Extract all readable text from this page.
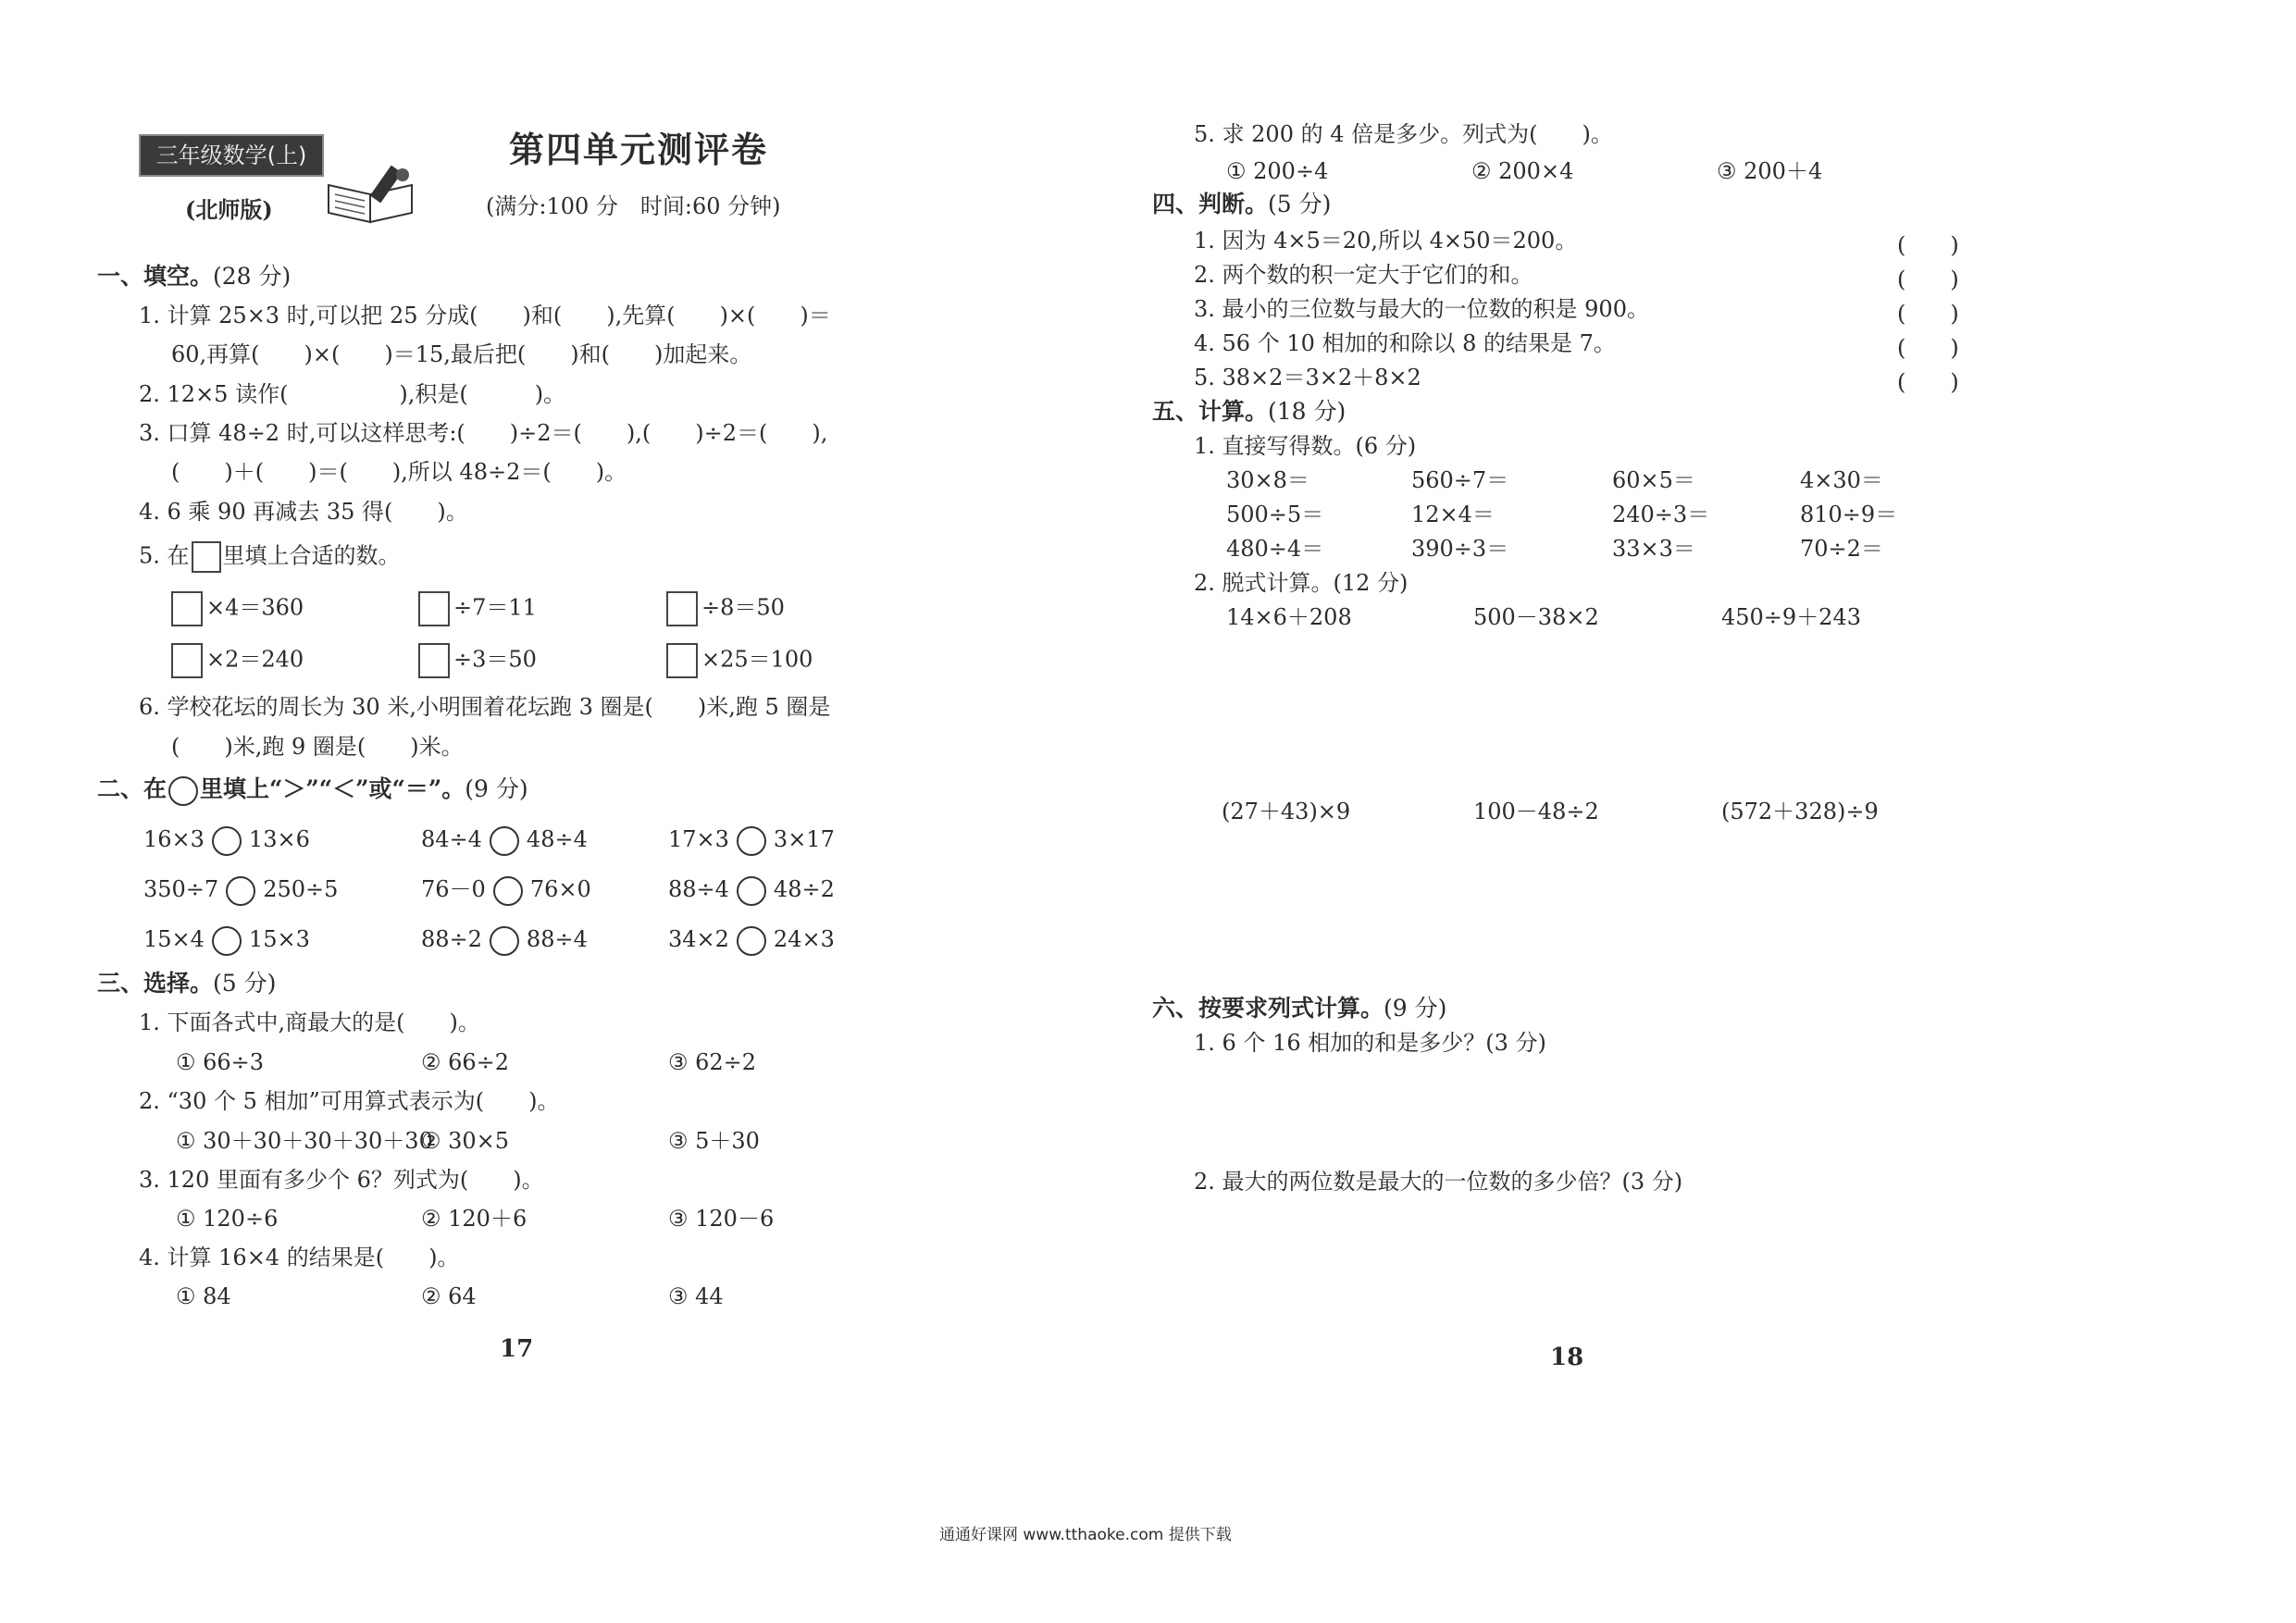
三年级数学(上)
(北师版)
第四单元测评卷
(满分:100 分　时间:60 分钟)
一、填空。(28 分)
1. 计算 25×3 时,可以把 25 分成(　　)和(　　),先算(　　)×(　　)＝
60,再算(　　)×(　　)＝15,最后把(　　)和(　　)加起来。
2. 12×5 读作(　　　　　),积是(　　　)。
3. 口算 48÷2 时,可以这样思考:(　　)÷2＝(　　),(　　)÷2＝(　　),
(　　)＋(　　)＝(　　),所以 48÷2＝(　　)。
4. 6 乘 90 再减去 35 得(　　)。
5. 在 里填上合适的数。
×4＝360	÷7＝11	÷8＝50
×2＝240	÷3＝50	×25＝100
6. 学校花坛的周长为 30 米,小明围着花坛跑 3 圈是(　　)米,跑 5 圈是
(　　)米,跑 9 圈是(　　)米。
二、在 里填上“＞”“＜”或“＝”。(9 分)
16×3 13×6	84÷4 48÷4	17×3 3×17
350÷7 250÷5	76－0 76×0	88÷4 48÷2
15×4 15×3	88÷2 88÷4	34×2 24×3
三、选择。(5 分)
1. 下面各式中,商最大的是(　　)。
① 66÷3	② 66÷2	③ 62÷2
2. “30 个 5 相加”可用算式表示为(　　)。
① 30＋30＋30＋30＋30
② 30×5	③ 5＋30
3. 120 里面有多少个 6？列式为(　　)。
① 120÷6	② 120＋6	③ 120－6
4. 计算 16×4 的结果是(　　)。
① 84	② 64	③ 44
17
5. 求 200 的 4 倍是多少。列式为(　　)。
① 200÷4	② 200×4	③ 200＋4
四、判断。(5 分)
1. 因为 4×5＝20,所以 4×50＝200。	(　　)
2. 两个数的积一定大于它们的和。	(　　)
3. 最小的三位数与最大的一位数的积是 900。	(　　)
4. 56 个 10 相加的和除以 8 的结果是 7。	(　　)
5. 38×2＝3×2＋8×2	(　　)
五、计算。(18 分)
1. 直接写得数。(6 分)
30×8＝	560÷7＝	60×5＝	4×30＝
500÷5＝	12×4＝	240÷3＝	810÷9＝
480÷4＝	390÷3＝	33×3＝	70÷2＝
2. 脱式计算。(12 分)
14×6＋208	500－38×2	450÷9＋243
(27＋43)×9	100－48÷2	(572＋328)÷9
六、按要求列式计算。(9 分)
1. 6 个 16 相加的和是多少？(3 分)
2. 最大的两位数是最大的一位数的多少倍？(3 分)
18
通通好课网 www.tthaoke.com 提供下载
